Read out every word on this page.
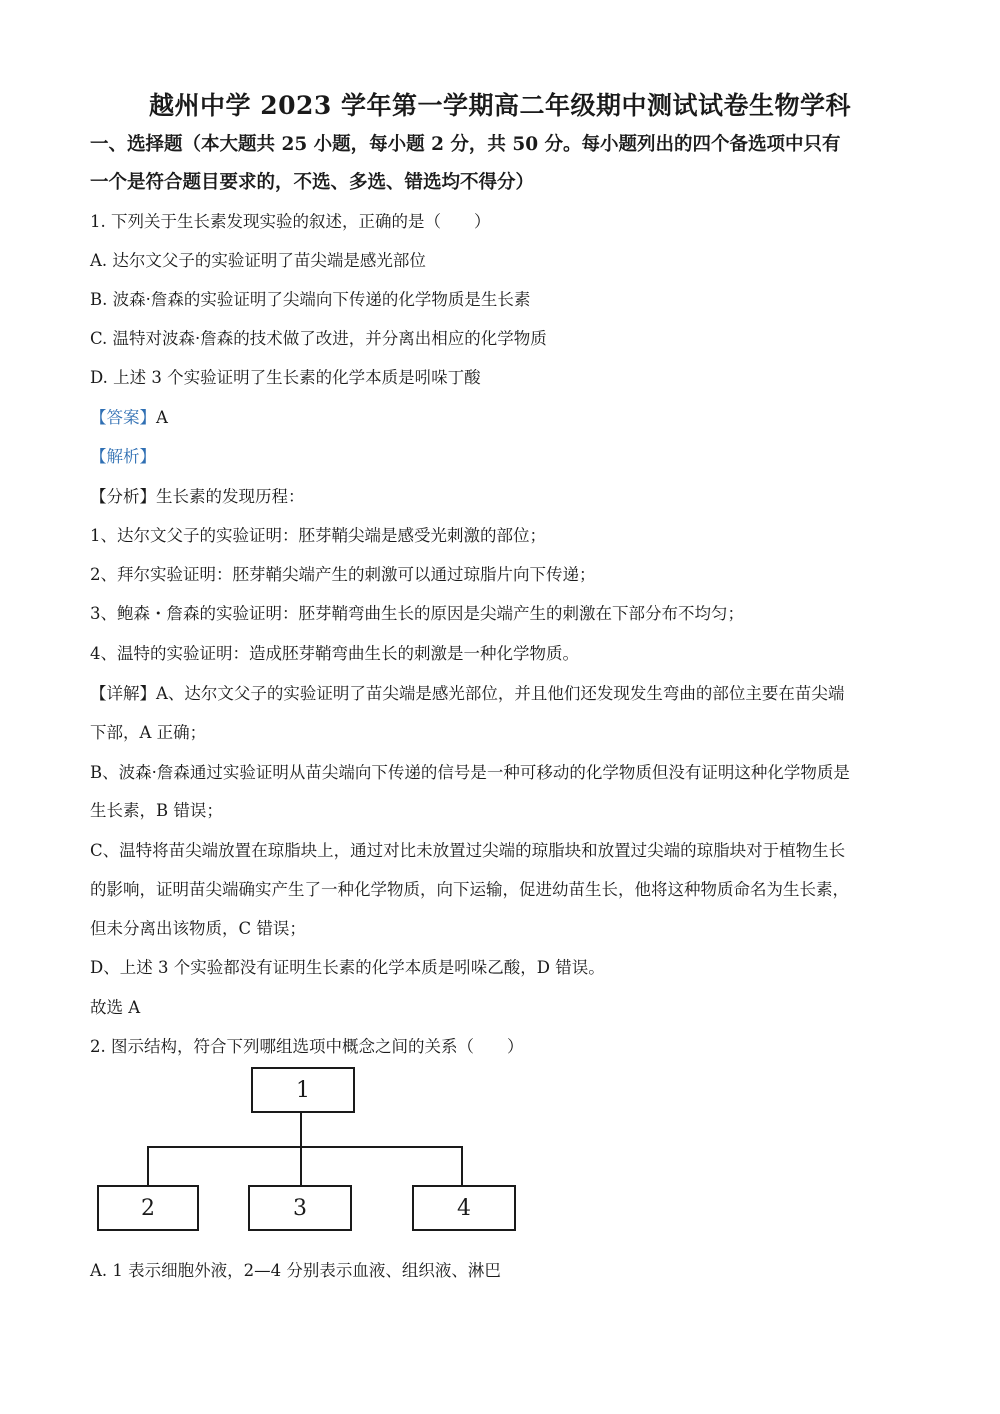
越州中学 2023 学年第一学期高二年级期中测试试卷生物学科
一、选择题（本大题共 25 小题，每小题 2 分，共 50 分。每小题列出的四个备选项中只有
一个是符合题目要求的，不选、多选、错选均不得分）
1. 下列关于生长素发现实验的叙述，正确的是（　　）
A. 达尔文父子的实验证明了苗尖端是感光部位
B. 波森·詹森的实验证明了尖端向下传递的化学物质是生长素
C. 温特对波森·詹森的技术做了改进，并分离出相应的化学物质
D. 上述 3 个实验证明了生长素的化学本质是吲哚丁酸
【答案】A
【解析】
【分析】生长素的发现历程：
1、达尔文父子的实验证明：胚芽鞘尖端是感受光刺激的部位；
2、拜尔实验证明：胚芽鞘尖端产生的刺激可以通过琼脂片向下传递；
3、鲍森・詹森的实验证明：胚芽鞘弯曲生长的原因是尖端产生的刺激在下部分布不均匀；
4、温特的实验证明：造成胚芽鞘弯曲生长的刺激是一种化学物质。
【详解】A、达尔文父子的实验证明了苗尖端是感光部位，并且他们还发现发生弯曲的部位主要在苗尖端
下部，A 正确；
B、波森·詹森通过实验证明从苗尖端向下传递的信号是一种可移动的化学物质但没有证明这种化学物质是
生长素，B 错误；
C、温特将苗尖端放置在琼脂块上，通过对比未放置过尖端的琼脂块和放置过尖端的琼脂块对于植物生长
的影响，证明苗尖端确实产生了一种化学物质，向下运输，促进幼苗生长，他将这种物质命名为生长素，
但未分离出该物质，C 错误；
D、上述 3 个实验都没有证明生长素的化学本质是吲哚乙酸，D 错误。
故选 A
2. 图示结构，符合下列哪组选项中概念之间的关系（　　）
1
2	3	4
A. 1 表示细胞外液，2—4 分别表示血液、组织液、淋巴
